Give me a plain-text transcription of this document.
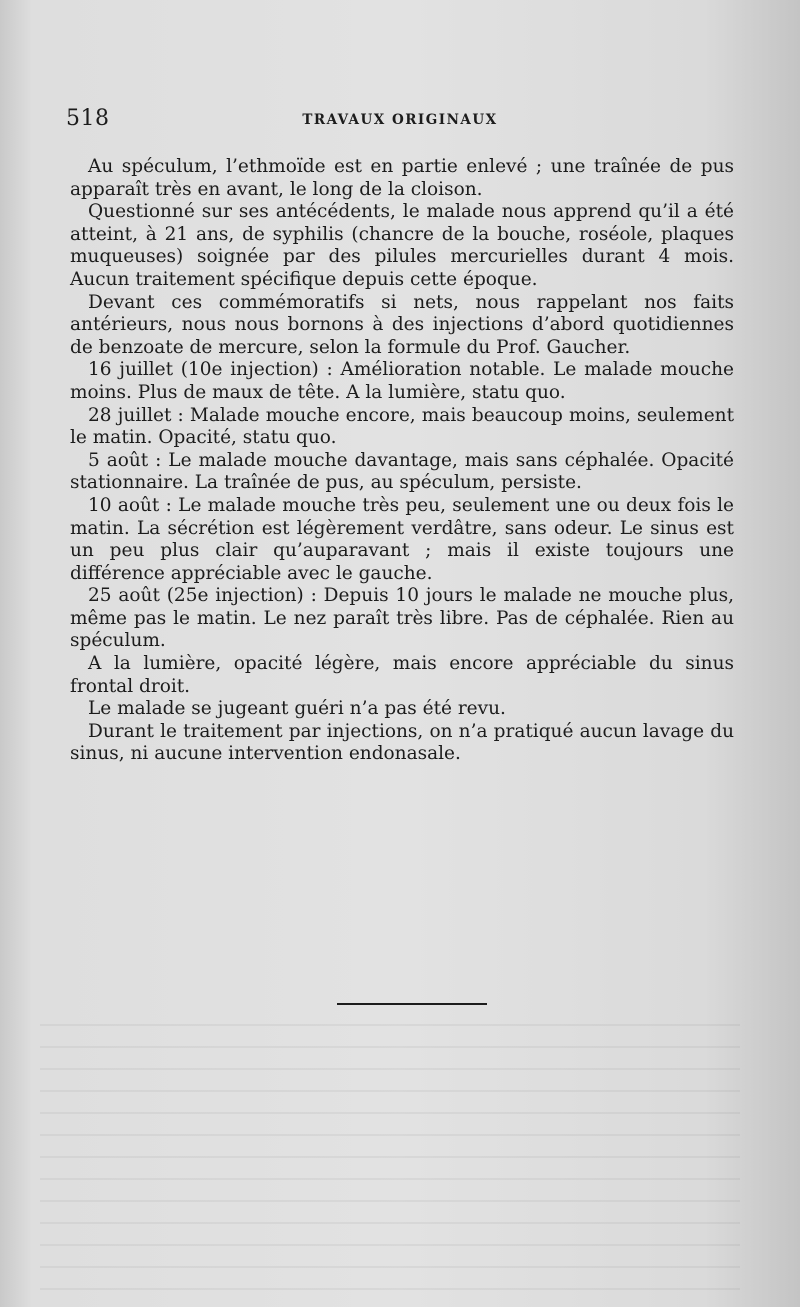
518	TRAVAUX ORIGINAUX

Au spéculum, l’ethmoïde est en partie enlevé ; une traînée de pus apparaît très en avant, le long de la cloison.

Questionné sur ses antécédents, le malade nous apprend qu’il a été atteint, à 21 ans, de syphilis (chancre de la bouche, roséole, plaques muqueuses) soignée par des pilules mercurielles durant 4 mois. Aucun traitement spécifique depuis cette époque.

Devant ces commémoratifs si nets, nous rappelant nos faits antérieurs, nous nous bornons à des injections d’abord quotidiennes de benzoate de mercure, selon la formule du Prof. Gaucher.

16 juillet (10e injection) : Amélioration notable. Le malade mouche moins. Plus de maux de tête. A la lumière, statu quo.

28 juillet : Malade mouche encore, mais beaucoup moins, seulement le matin. Opacité, statu quo.

5 août : Le malade mouche davantage, mais sans céphalée. Opacité stationnaire. La traînée de pus, au spéculum, persiste.

10 août : Le malade mouche très peu, seulement une ou deux fois le matin. La sécrétion est légèrement verdâtre, sans odeur. Le sinus est un peu plus clair qu’auparavant ; mais il existe toujours une différence appréciable avec le gauche.

25 août (25e injection) : Depuis 10 jours le malade ne mouche plus, même pas le matin. Le nez paraît très libre. Pas de céphalée. Rien au spéculum.

A la lumière, opacité légère, mais encore appréciable du sinus frontal droit.

Le malade se jugeant guéri n’a pas été revu.

Durant le traitement par injections, on n’a pratiqué aucun lavage du sinus, ni aucune intervention endonasale.
